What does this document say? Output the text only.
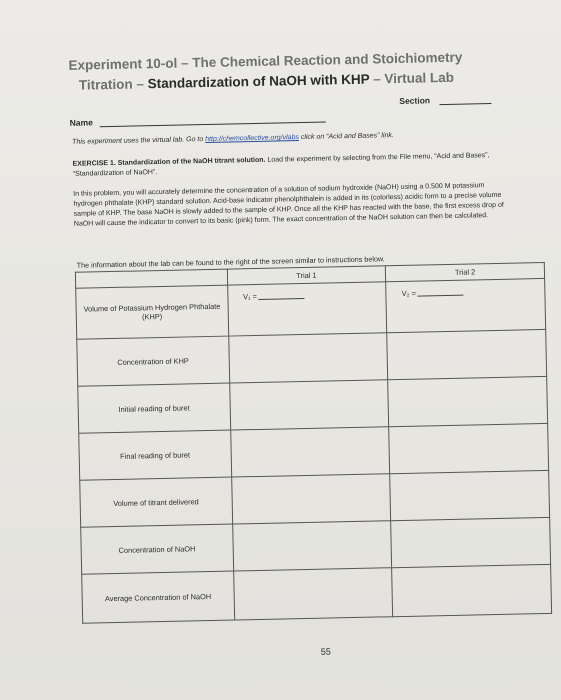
Experiment 10-ol – The Chemical Reaction and Stoichiometry
Titration – Standardization of NaOH with KHP – Virtual Lab
Section
Name
This experiment uses the virtual lab. Go to http://chemcollective.org/vlabs click on “Acid and Bases” link.
EXERCISE 1. Standardization of the NaOH titrant solution. Load the experiment by selecting from the File menu, “Acid and Bases”, “Standardization of NaOH”.
In this problem, you will accurately determine the concentration of a solution of sodium hydroxide (NaOH) using a 0.500 M potassium hydrogen phthalate (KHP) standard solution. Acid-base indicator phenolphthalein is added in its (colorless) acidic form to a precise volume sample of KHP. The base NaOH is slowly added to the sample of KHP. Once all the KHP has reacted with the base, the first excess drop of NaOH will cause the indicator to convert to its basic (pink) form. The exact concentration of the NaOH solution can then be calculated.
The information about the lab can be found to the right of the screen similar to instructions below.
	Trial 1	Trial 2
Volume of Potassium Hydrogen Phthalate (KHP)	V₁ =	V₂ =

Concentration of KHP		
Initial reading of buret		
Final reading of buret		
Volume of titrant delivered		
Concentration of NaOH		
Average Concentration of NaOH		
55
